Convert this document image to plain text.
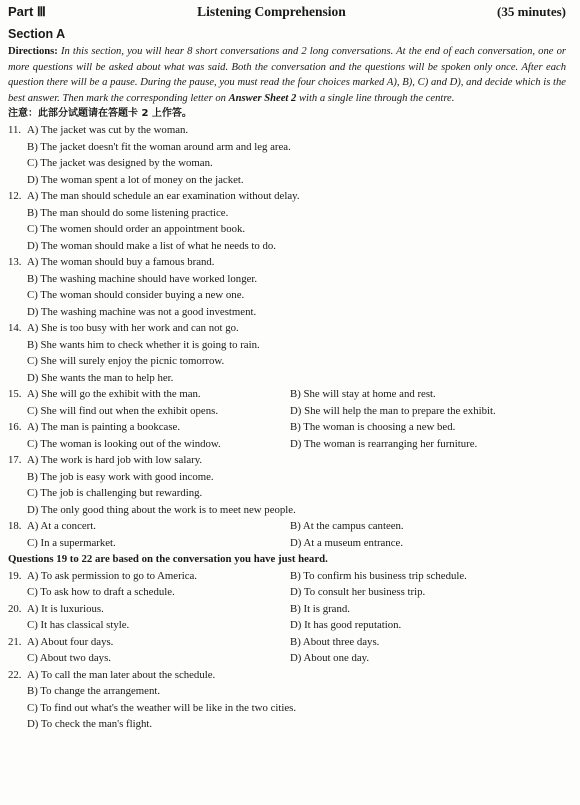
Part Ⅲ	Listening Comprehension	(35 minutes)
Section A
Directions: In this section, you will hear 8 short conversations and 2 long conversations. At the end of each conversation, one or more questions will be asked about what was said. Both the conversation and the questions will be spoken only once. After each question there will be a pause. During the pause, you must read the four choices marked A), B), C) and D), and decide which is the best answer. Then mark the corresponding letter on Answer Sheet 2 with a single line through the centre.
注意：此部分试题请在答题卡 2 上作答。
11. A) The jacket was cut by the woman.
B) The jacket doesn't fit the woman around arm and leg area.
C) The jacket was designed by the woman.
D) The woman spent a lot of money on the jacket.
12. A) The man should schedule an ear examination without delay.
B) The man should do some listening practice.
C) The women should order an appointment book.
D) The woman should make a list of what he needs to do.
13. A) The woman should buy a famous brand.
B) The washing machine should have worked longer.
C) The woman should consider buying a new one.
D) The washing machine was not a good investment.
14. A) She is too busy with her work and can not go.
B) She wants him to check whether it is going to rain.
C) She will surely enjoy the picnic tomorrow.
D) She wants the man to help her.
15. A) She will go the exhibit with the man.	B) She will stay at home and rest.
C) She will find out when the exhibit opens.	D) She will help the man to prepare the exhibit.
16. A) The man is painting a bookcase.	B) The woman is choosing a new bed.
C) The woman is looking out of the window.	D) The woman is rearranging her furniture.
17. A) The work is hard job with low salary.
B) The job is easy work with good income.
C) The job is challenging but rewarding.
D) The only good thing about the work is to meet new people.
18. A) At a concert.	B) At the campus canteen.
C) In a supermarket.	D) At a museum entrance.
Questions 19 to 22 are based on the conversation you have just heard.
19. A) To ask permission to go to America.	B) To confirm his business trip schedule.
C) To ask how to draft a schedule.	D) To consult her business trip.
20. A) It is luxurious.	B) It is grand.
C) It has classical style.	D) It has good reputation.
21. A) About four days.	B) About three days.
C) About two days.	D) About one day.
22. A) To call the man later about the schedule.
B) To change the arrangement.
C) To find out what's the weather will be like in the two cities.
D) To check the man's flight.
